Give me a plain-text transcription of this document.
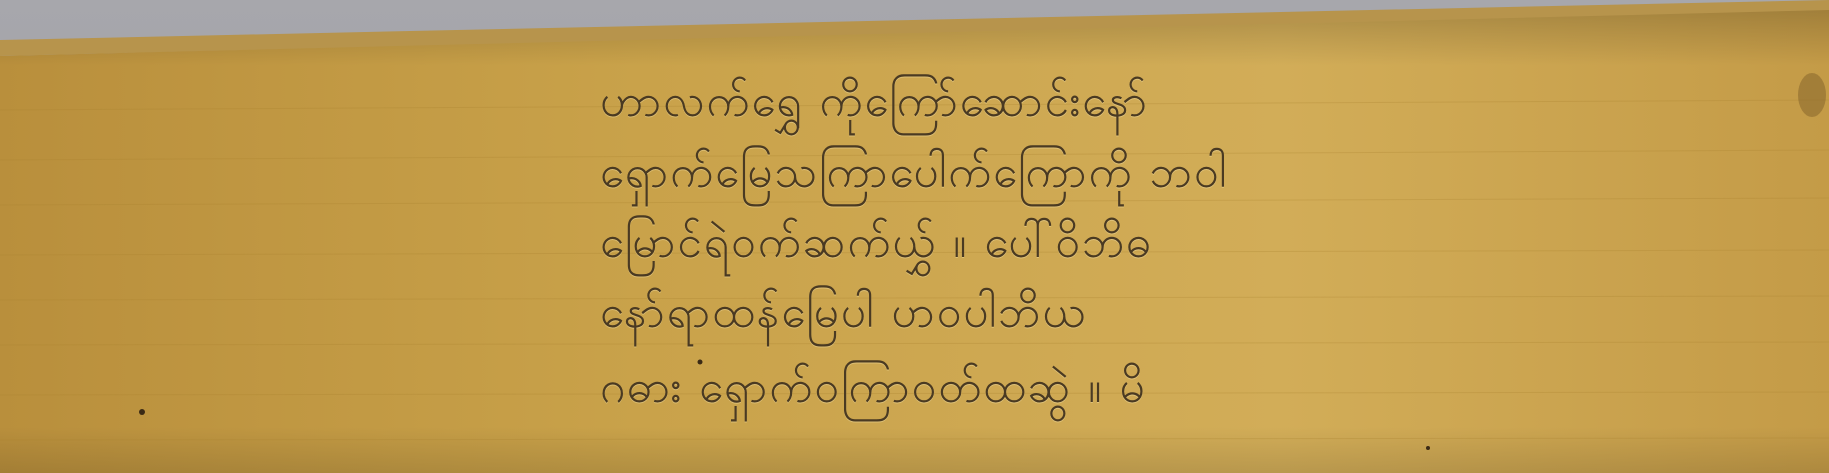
ဟာလက်ရွှေ ကိုကြော်ဆောင်းနော်
ရှောက်မြေသကြာပေါက်ကြောကို ဘဝါ
မြောင်ရဲဝက်ဆက်ယွှ် ။ ပေါ်ဝိဘိဓ
နော်ရာထန်မြေပါ ပာဝပါဘိယ
ဂဓား ရှောက်ဝကြာဝတ်ထဆွဲ ။ မိ
